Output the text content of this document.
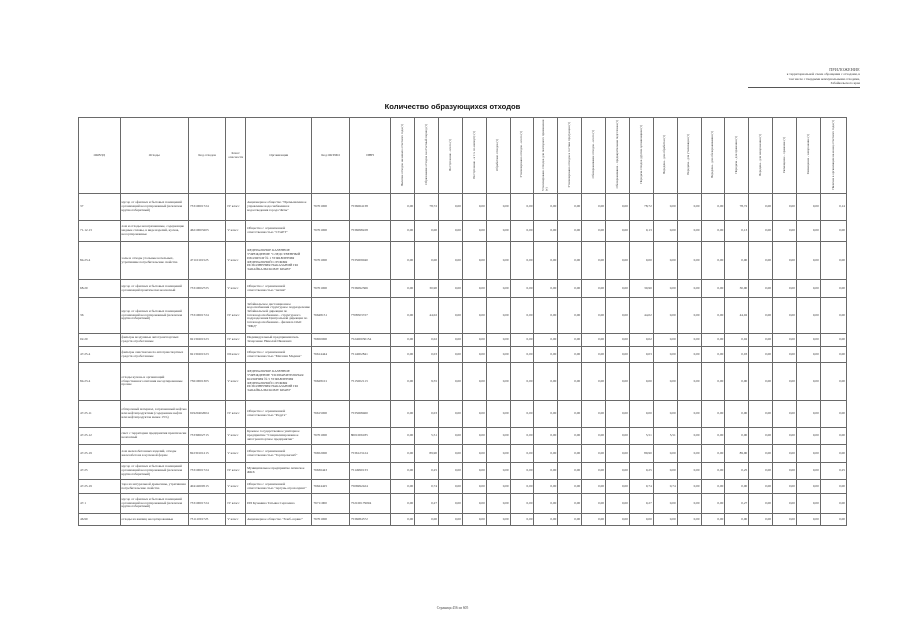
ПРИЛОЖЕНИЕ
к территориальной схеме обращения с отходами, в
том числе с твердыми коммунальными отходами,
Забайкальского края
Количество образующихся отходов
ОКВЭД	Отходы	Код отходов	Класс опасности	Организация	Код ОКТМО	ИНН	Наличие отходов на начало отчетного года (т)	Образование отходов за отчетный период (т)	Поступление - всего (т)	Поступление - в т.ч. по импорту (т)	Обработано отходов (т)	Утилизировано отходов - всего (т)	Утилизировано отходов для повторного применения (т)	Утилизировано отходов в составе продукции (т)	Обезвреживание отходов - всего (т)	Обезвреживание - предварительная подготовка (т)	Передача отходов другим организациям (т)	Передача - для обработки (т)	Передача - для утилизации (т)	Передача - для обезвреживания (т)	Передача - для хранения (т)	Передача - для захоронения (т)	Размещение - хранение (т)	Размещение - захоронение (т)	Наличие в организации на конец отчетного года (т)
37	мусор от офисных и бытовых помещений организаций несортированный (исключая крупногабаритный)	73310001724	IV класс	Акционерное общество "Промышленное управление водоснабжения и водоотведения города Читы"	76701000	7536064138	0,00	78,72	0,00	0,00	0,00	0,00	0,00	0,00	0,00	0,00	78,72	0,00	0,00	0,00	78,72	0,00	0,00	0,00	0,14
71.12.13	лом и отходы незагрязненные, содержащие медные сплавы, в виде изделий, кусков, несортированные	46210003205	V класс	Общество с ограниченной ответственностью "СТАРТ"	76701000	7536098228	0,00	0,00	0,00	0,00	0,00	0,00	0,00	0,00	0,00	0,00	0,13	0,00	0,00	0,00	0,13	0,00	0,00	0,00	0,00
84.23.4	золы и отходы угольные котельных, утратившие потребительские свойства	47110101525	V класс	ФЕДЕРАЛЬНОЕ КАЗЕННОЕ УЧРЕЖДЕНИЕ "СЛЕДСТВЕННЫЙ ИЗОЛЯТОР № 1 УПРАВЛЕНИЯ ФЕДЕРАЛЬНОЙ СЛУЖБЫ ИСПОЛНЕНИЯ НАКАЗАНИЙ ПО ЗАБАЙКАЛЬСКОМУ КРАЮ"	76701000	7535009040	0,00	0,00	0,00	0,00	0,00	0,00	0,00	0,00	0,00	0,00	0,00	0,00	0,00	0,00	0,00	0,00	0,00	0,00	0,00
68.20	мусор от офисных и бытовых помещений организаций практически неопасный	73310002725	V класс	Общество с ограниченной ответственностью "Актив"	76701000	7536092366	0,00	30,90	0,00	0,00	0,00	0,00	0,00	0,00	0,00	0,00	30,90	0,00	0,00	0,00	30,90	0,00	0,00	0,00	0,00
36	мусор от офисных и бытовых помещений организаций несортированный (исключая крупногабаритный)	73310001724	IV класс	Забайкальское дистанционное водоснабжения структурное подразделение Забайкальской дирекции по тепловодоснабжению - структурного подразделения Центральной дирекции по тепловодоснабжению - филиала ОАО "РЖД"	76648151	7708503727	0,00	44,02	0,00	0,00	0,00	0,00	0,00	0,00	0,00	0,00	44,02	0,00	0,00	0,00	44,02	0,00	0,00	0,00	0,00
02.20	фильтры воздушные автотранспортных средств отработанные	92130201523	IV класс	Индивидуальный предприниматель Захарченко Николай Иванович	76650000	752400030154	0,00	0,02	0,00	0,00	0,00	0,00	0,00	0,00	0,00	0,00	0,02	0,00	0,00	0,00	0,02	0,00	0,00	0,00	0,00
47.25.4	фильтры очистки масла автотранспортных средств отработанные	92130201523	III класс	Общество с ограниченной ответственностью "Магазин Мадина"	76614444	7514002841	0,00	0,03	0,00	0,00	0,00	0,00	0,00	0,00	0,00	0,00	0,03	0,00	0,00	0,00	0,03	0,00	0,00	0,00	0,00
84.23.4	отходы кухонь и организаций общественного питания несортированные прочие	73610001305	V класс	ФЕДЕРАЛЬНОЕ КАЗЕННОЕ УЧРЕЖДЕНИЕ "ИСПРАВИТЕЛЬНАЯ КОЛОНИЯ № 5 УПРАВЛЕНИЯ ФЕДЕРАЛЬНОЙ СЛУЖБЫ ИСПОЛНЕНИЯ НАКАЗАНИЙ ПО ЗАБАЙКАЛЬСКОМУ КРАЮ"	76628101	7515002113	0,00	9,55	0,00	0,00	0,00	0,00	0,00	0,00	0,00	0,00	0,00	0,00	0,00	0,00	0,00	0,00	0,00	0,00	0,00
47.25.11	обтирочный материал, загрязненный нефтью или нефтепродуктами (содержание нефти или нефтепродуктов менее 15%)	91920402604	IV класс	Общество с ограниченной ответственностью "Радуга"	76615000	7535068460	0,00	0,03	0,00	0,00	0,00	0,00	0,00	0,00	0,00	0,00	0,00	0,00	0,00	0,00	0,00	0,00	0,00	0,00	0,00
47.25.12	смет с территории предприятия практически неопасный	73339002715	V класс	Краевое государственное унитарное предприятие "Специализированное автотранспортное предприятие"	76701000	8001006185	0,00	5,51	0,00	0,00	0,00	0,00	0,00	0,00	0,00	0,00	5,51	5,51	0,00	0,00	0,00	0,00	0,00	0,00	0,00
47.25.19	лом железобетонных изделий, отходы железобетона в кусковой форме	82230101215	V класс	Общество с ограниченной ответственностью "Торгпромснаб"	76652000	7536123124	0,00	89,90	0,00	0,00	0,00	0,00	0,00	0,00	0,00	0,00	89,90	0,00	0,00	0,00	89,90	0,00	0,00	0,00	0,00
47.25	мусор от офисных и бытовых помещений организаций несортированный (исключая крупногабаритный)	73310001724	IV класс	Муниципальное предприятие Агинское ЖКХ	76636443	7514990133	0,00	0,25	0,00	0,00	0,00	0,00	0,00	0,00	0,00	0,00	0,25	0,00	0,00	0,00	0,25	0,00	0,00	0,00	0,25
47.25.19	тара из натуральной древесины, утратившая потребительские свойства	40414000515	V класс	Общество с ограниченной ответственностью "Аргунь-агрохолдинг"	76624425	7506992424	0,00	0,74	0,00	0,00	0,00	0,00	0,00	0,00	0,00	0,00	0,74	0,74	0,00	0,00	0,00	0,00	0,00	0,00	0,00
47.1	мусор от офисных и бытовых помещений организаций несортированный (исключая крупногабаритный)	73310001724	IV класс	ИП Кузьмина Татьяна Сергеевна	76711000	752100179094	0,00	0,27	0,00	0,00	0,00	0,00	0,00	0,00	0,00	0,00	0,27	0,00	0,00	0,00	0,27	0,00	0,00	0,00	0,00
46.90	отходы из жилищ несортированные	73111001725	V класс	Акционерное общество "Хлеб-сервис"	76701000	7536084572	0,00	0,00	0,00	0,00	0,00	0,00	0,00	0,00	0,00	0,00	0,00	0,00	0,00	0,00	0,00	0,00	0,00	0,00	0,00
Страница 456 из 605
